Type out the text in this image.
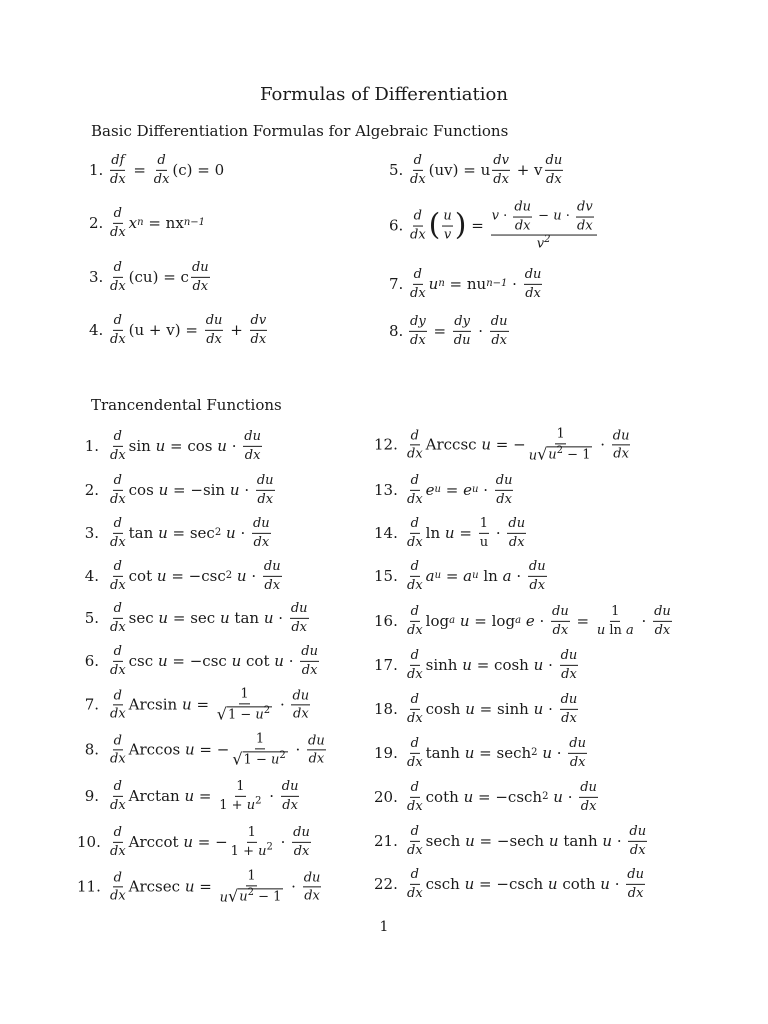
Formulas of Differentiation
Basic Differentiation Formulas for Algebraic Functions
1. $\frac{df}{dx} = \frac{d}{dx} (c) = 0$
2.
d
dx
x n = nx n−1
3.
d
dx
(cu) = c
du
dx
4.
d
dx
$(u + v) = \frac{du}{dx} + \frac{dv}{dx}$
5.
d
dx
(uv) = u
dv
dx
+ v
du
dx
6.
d
dx ( u
v ) =
v ·
du
dx
− u ·
dv
dx
$v^2$
7.
d
dx
u n = nu n−1 ·
du
dx
8. $\frac{dy}{dx} = \frac{dy}{du}$ ·
du
dx
Trancendental Functions
1.
d
dx
sin
u = cos
u ·
du
dx
2.
d
dx
cos
u = − sin
u ·
du
dx
3.
d
dx
tan
u = sec 2
u ·
du
dx
4.
d
dx
cot
u = − csc 2
u ·
du
dx
5.
d
dx
sec
u = sec
u
tan
u ·
du
dx
6.
d
dx
csc
u = − csc
u
cot
u ·
du
dx
7.
d
dx
Arcsin
$u = \frac{1}{√ 1 - u^2}$ ·
du
dx
8.
d
dx
Arccos
u = − $\frac{1}{√ 1 - u^2}$ ·
du
dx
9.
d
dx
Arctan
$u = \frac{1}{1 + u^2}$ ·
du
dx
10.
d
dx
Arccot
u = − $\frac{1}{1 + u^2}$ ·
du
dx
11.
d
dx
Arcsec
$u = \frac{1}{u √ u^2 - 1}$ ·
du
dx
12.
d
dx
Arccsc
u = − $\frac{1}{u √ u^2 - 1}$ ·
du
dx
13.
d
dx
e u = e u ·
du
dx
14.
d
dx
ln
$u = \frac{1}{u}$ ·
du
dx
15.
d
dx
a u = a u
ln
a ·
du
dx
16.
d
dx
log a
u = log a
$e \cdot \frac{du}{dx} = \frac{1}{\text{u ln a}}$ ·
du
dx
17.
d
dx
sinh
u = cosh
u ·
du
dx
18.
d
dx
cosh
u = sinh
u ·
du
dx
19.
d
dx
tanh
u = sech 2
u ·
du
dx
20.
d
dx
coth
u = − csch 2
u ·
du
dx
21.
d
dx
sech
u = − sech
u
tanh
u ·
du
dx
22.
d
dx
csch
u = − csch
u
coth
u ·
du
dx
1
